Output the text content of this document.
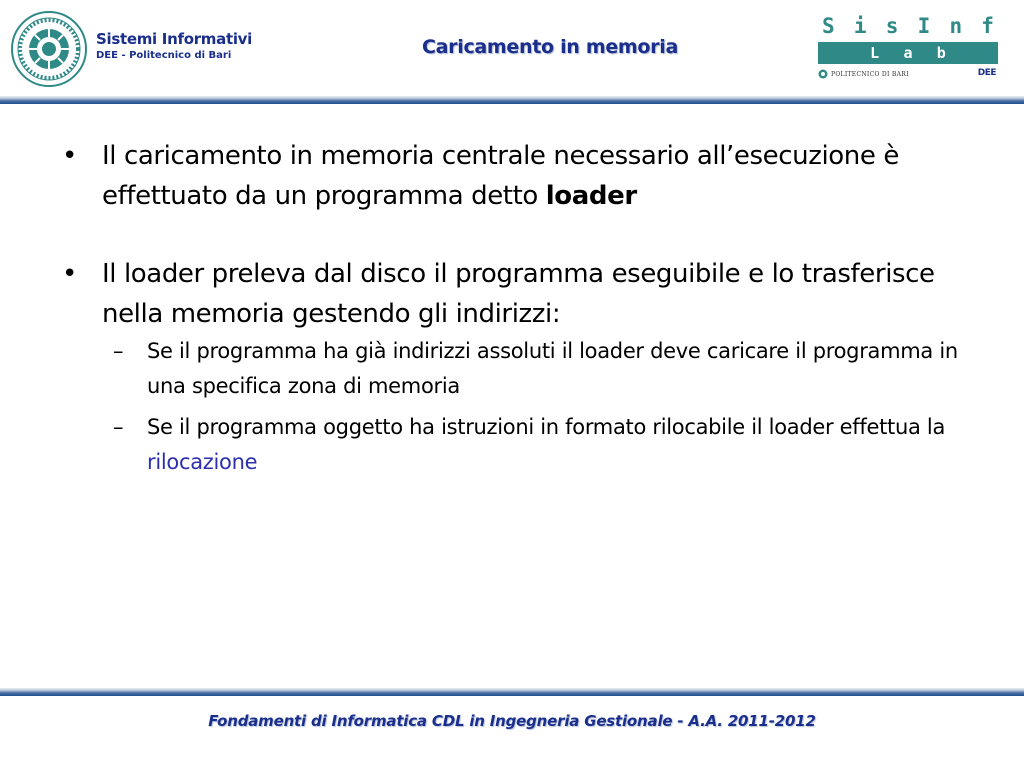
Sistemi Informativi
DEE - Politecnico di Bari	Caricamento in memoria
S i s I n f
L a b
POLITECNICO DI BARI	DEE
• Il caricamento in memoria centrale necessario all’esecuzione è effettuato da un programma detto loader
• Il loader preleva dal disco il programma eseguibile e lo trasferisce nella memoria gestendo gli indirizzi:
– Se il programma ha già indirizzi assoluti il loader deve caricare il programma in una specifica zona di memoria
– Se il programma oggetto ha istruzioni in formato rilocabile il loader effettua la rilocazione
Fondamenti di Informatica CDL in Ingegneria Gestionale - A.A. 2011-2012
